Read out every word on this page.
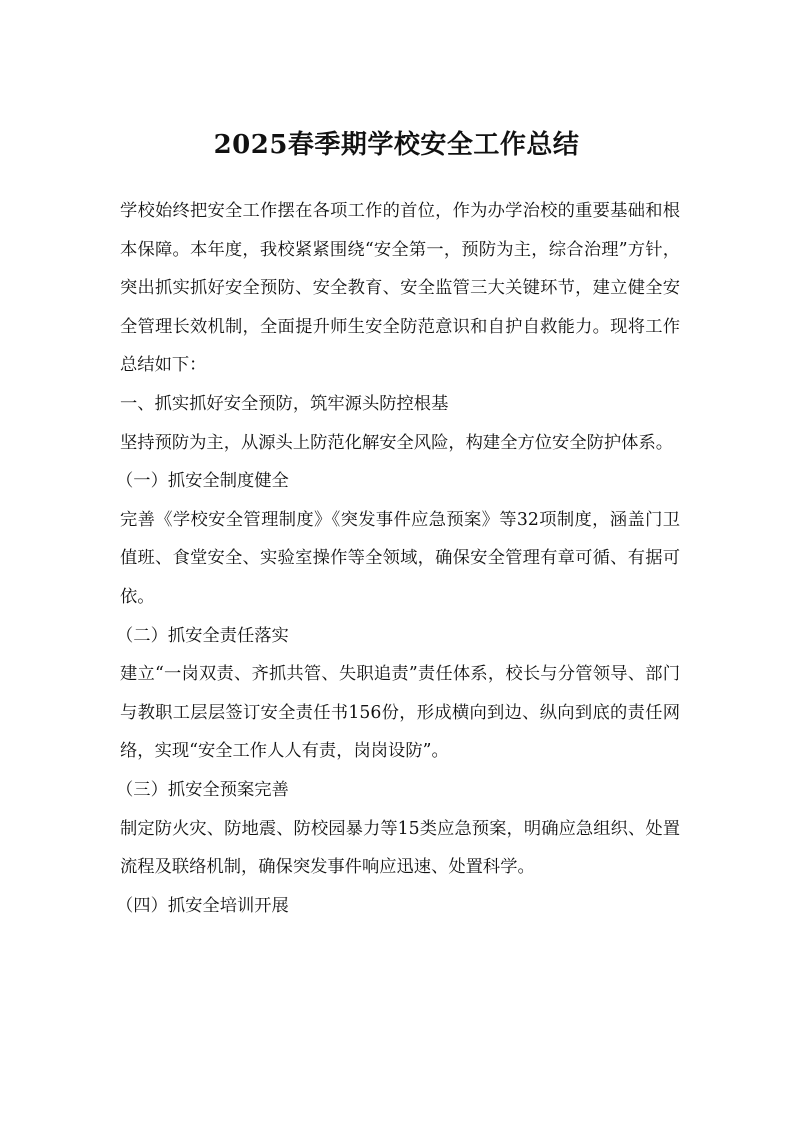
2025春季期学校安全工作总结

学校始终把安全工作摆在各项工作的首位，作为办学治校的重要基础和根本保障。本年度，我校紧紧围绕“安全第一，预防为主，综合治理”方针，突出抓实抓好安全预防、安全教育、安全监管三大关键环节，建立健全安全管理长效机制，全面提升师生安全防范意识和自护自救能力。现将工作总结如下：

一、抓实抓好安全预防，筑牢源头防控根基

坚持预防为主，从源头上防范化解安全风险，构建全方位安全防护体系。

（一）抓安全制度健全

完善《学校安全管理制度》《突发事件应急预案》等32项制度，涵盖门卫值班、食堂安全、实验室操作等全领域，确保安全管理有章可循、有据可依。

（二）抓安全责任落实

建立“一岗双责、齐抓共管、失职追责”责任体系，校长与分管领导、部门与教职工层层签订安全责任书156份，形成横向到边、纵向到底的责任网络，实现“安全工作人人有责，岗岗设防”。

（三）抓安全预案完善

制定防火灾、防地震、防校园暴力等15类应急预案，明确应急组织、处置流程及联络机制，确保突发事件响应迅速、处置科学。

（四）抓安全培训开展
